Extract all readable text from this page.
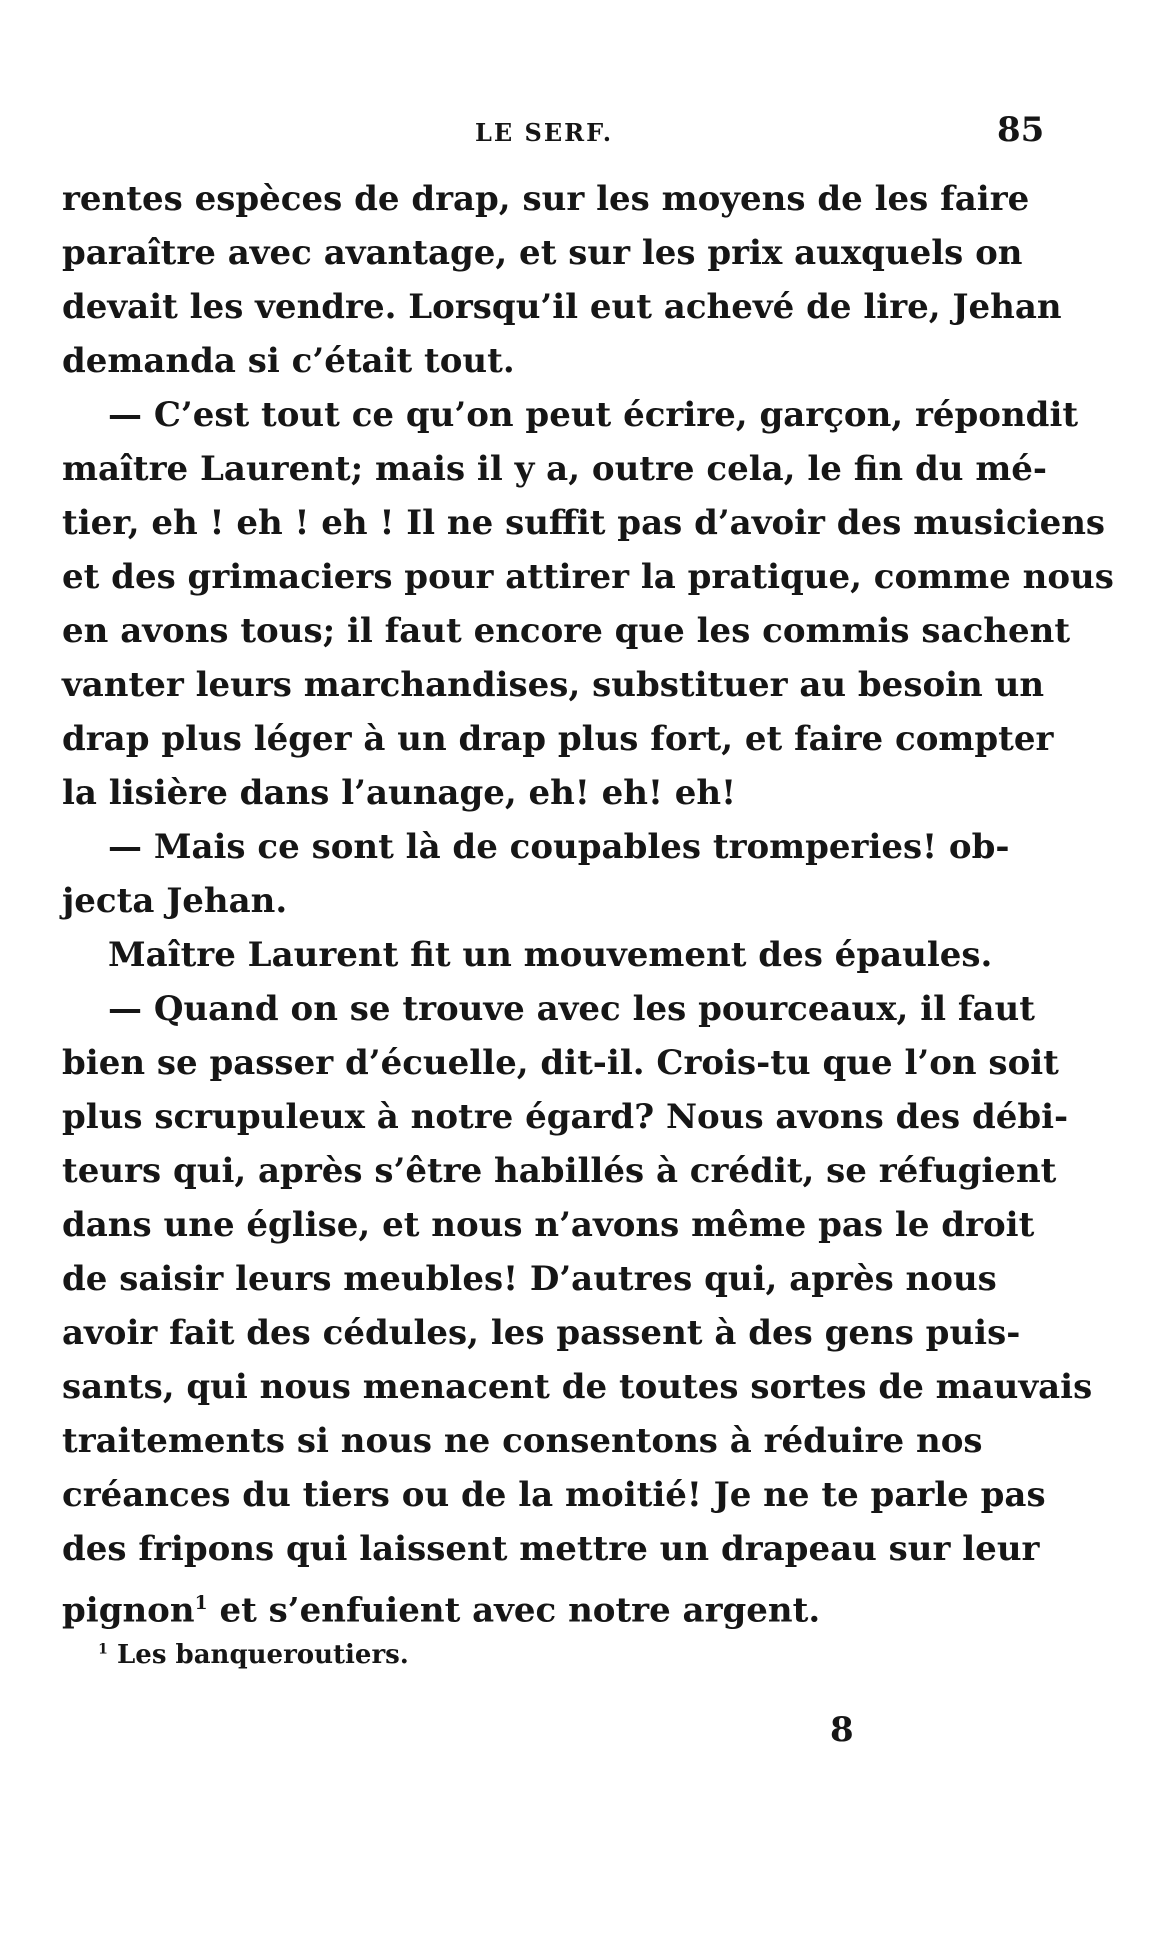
LE SERF.	85
rentes espèces de drap, sur les moyens de les faire
paraître avec avantage, et sur les prix auxquels on
devait les vendre. Lorsqu’il eut achevé de lire, Jehan
demanda si c’était tout.
— C’est tout ce qu’on peut écrire, garçon, répondit
maître Laurent; mais il y a, outre cela, le fin du mé-
tier, eh ! eh ! eh ! Il ne suffit pas d’avoir des musiciens
et des grimaciers pour attirer la pratique, comme nous
en avons tous; il faut encore que les commis sachent
vanter leurs marchandises, substituer au besoin un
drap plus léger à un drap plus fort, et faire compter
la lisière dans l’aunage, eh! eh! eh!
— Mais ce sont là de coupables tromperies! ob-
jecta Jehan.
Maître Laurent fit un mouvement des épaules.
— Quand on se trouve avec les pourceaux, il faut
bien se passer d’écuelle, dit-il. Crois-tu que l’on soit
plus scrupuleux à notre égard? Nous avons des débi-
teurs qui, après s’être habillés à crédit, se réfugient
dans une église, et nous n’avons même pas le droit
de saisir leurs meubles! D’autres qui, après nous
avoir fait des cédules, les passent à des gens puis-
sants, qui nous menacent de toutes sortes de mauvais
traitements si nous ne consentons à réduire nos
créances du tiers ou de la moitié! Je ne te parle pas
des fripons qui laissent mettre un drapeau sur leur
pignon$^1$ et s’enfuient avec notre argent.
$^1$ Les banqueroutiers.
8
